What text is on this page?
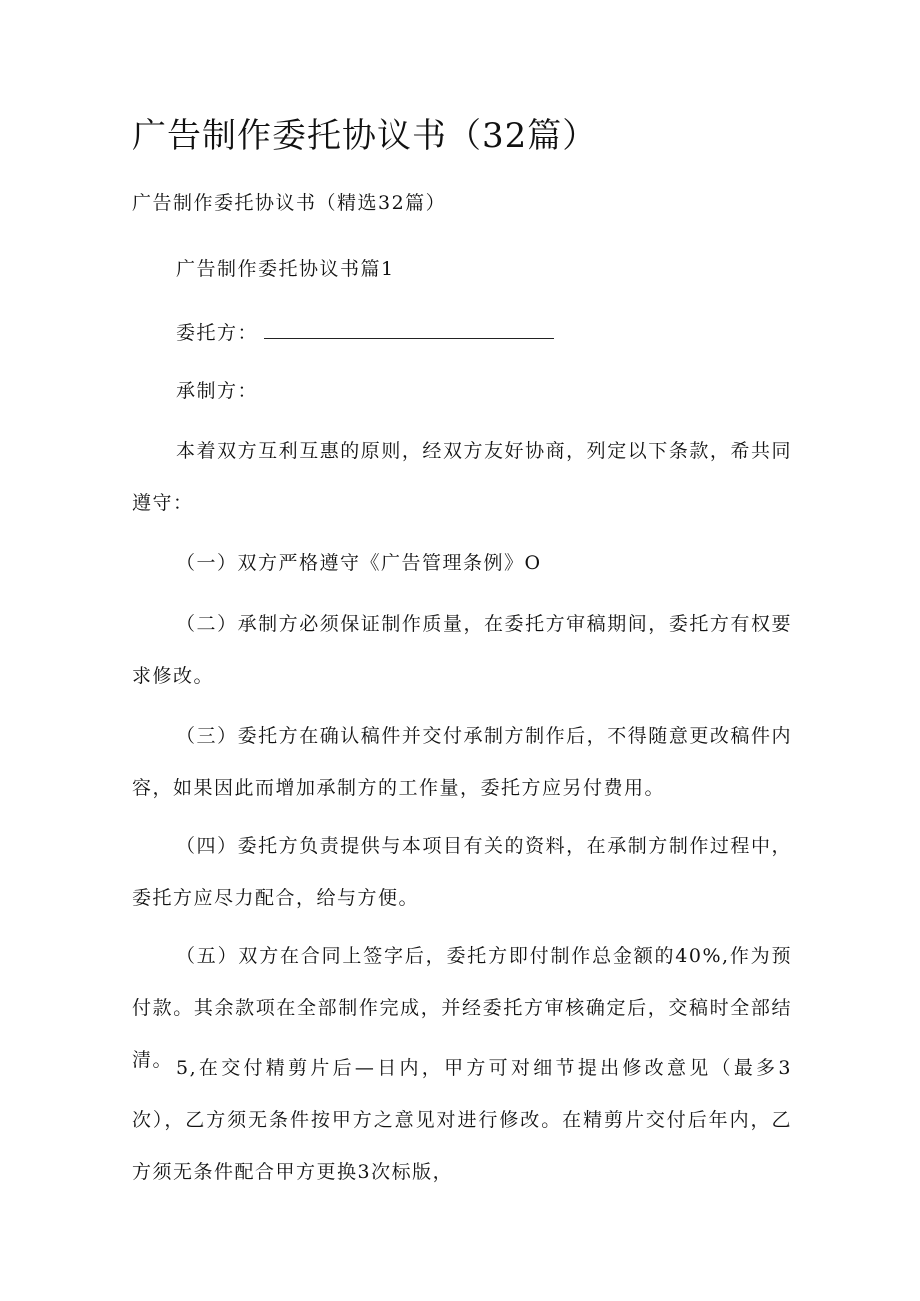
广告制作委托协议书（32篇）

广告制作委托协议书（精选32篇）

广告制作委托协议书篇1

委托方：

承制方：

本着双方互利互惠的原则，经双方友好协商，列定以下条款，希共同遵守：

（一）双方严格遵守《广告管理条例》O

（二）承制方必须保证制作质量，在委托方审稿期间，委托方有权要求修改。

（三）委托方在确认稿件并交付承制方制作后，不得随意更改稿件内容，如果因此而增加承制方的工作量，委托方应另付费用。

（四）委托方负责提供与本项目有关的资料，在承制方制作过程中，委托方应尽力配合，给与方便。

（五）双方在合同上签字后，委托方即付制作总金额的40%,作为预付款。其余款项在全部制作完成，并经委托方审核确定后，交稿时全部结清。 5,在交付精剪片后—日内，甲方可对细节提出修改意见（最多3次），乙方须无条件按甲方之意见对进行修改。在精剪片交付后年内，乙方须无条件配合甲方更换3次标版，
